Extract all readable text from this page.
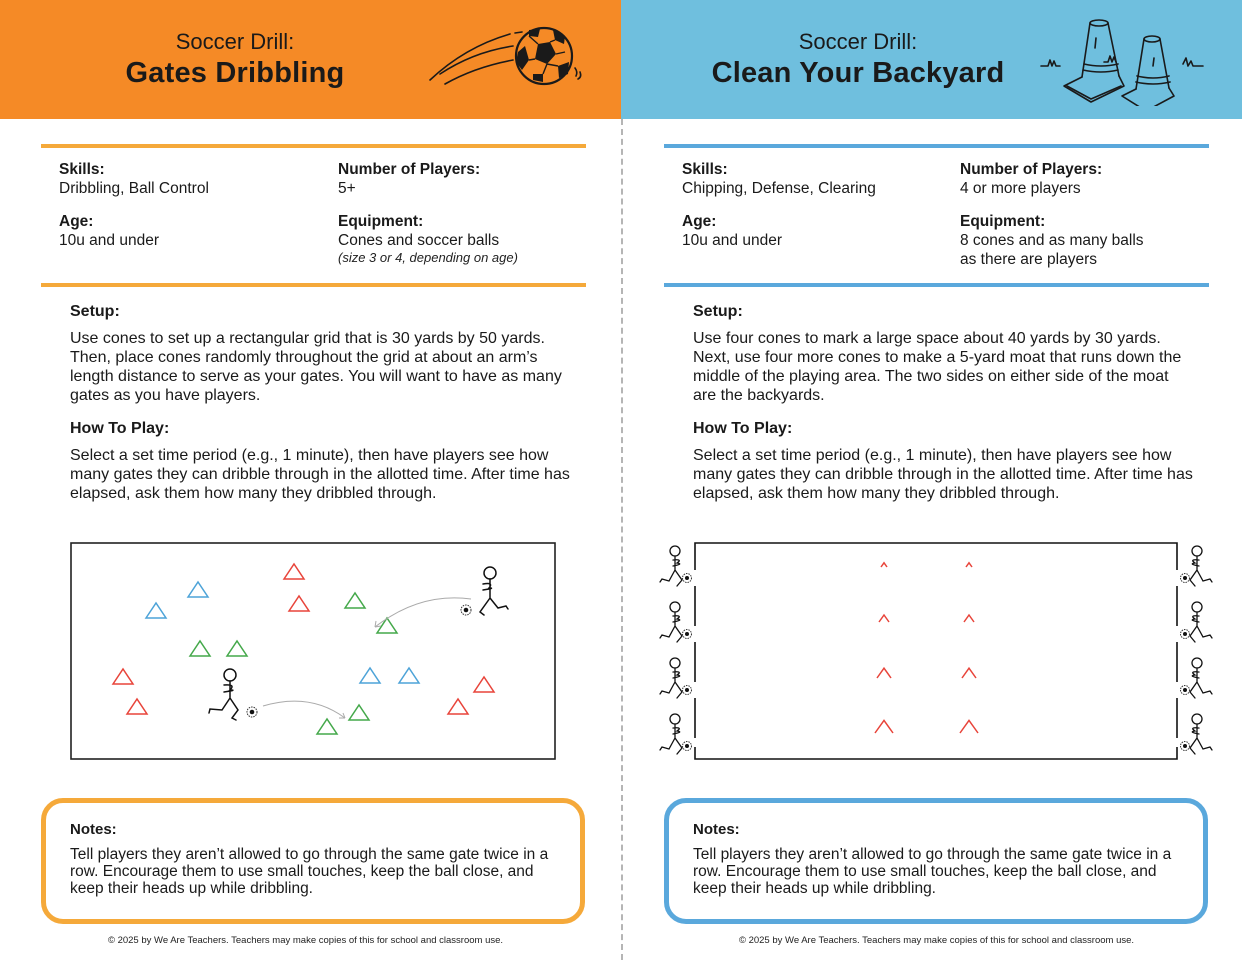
Soccer Drill:
Gates Dribbling
Skills:
Dribbling, Ball Control
Age:
10u and under
Number of Players:
5+
Equipment:
Cones and soccer balls
(size 3 or 4, depending on age)
Setup:

Use cones to set up a rectangular grid that is 30 yards by 50 yards. Then, place cones randomly throughout the grid at about an arm’s length distance to serve as your gates. You will want to have as many gates as you have players.

How To Play:

Select a set time period (e.g., 1 minute), then have players see how many gates they can dribble through in the allotted time. After time has elapsed, ask them how many they dribbled through.

Notes:
Tell players they aren’t allowed to go through the same gate twice in a row. Encourage them to use small touches, keep the ball close, and keep their heads up while dribbling.
© 2025 by We Are Teachers. Teachers may make copies of this for school and classroom use.
Soccer Drill:
Clean Your Backyard
Skills:
Chipping, Defense, Clearing
Age:
10u and under
Number of Players:
4 or more players
Equipment:
8 cones and as many balls
as there are players
Setup:

Use four cones to mark a large space about 40 yards by 30 yards. Next, use four more cones to make a 5-yard moat that runs down the middle of the playing area. The two sides on either side of the moat are the backyards.

How To Play:

Select a set time period (e.g., 1 minute), then have players see how many gates they can dribble through in the allotted time. After time has elapsed, ask them how many they dribbled through.

Notes:
Tell players they aren’t allowed to go through the same gate twice in a row. Encourage them to use small touches, keep the ball close, and keep their heads up while dribbling.
© 2025 by We Are Teachers. Teachers may make copies of this for school and classroom use.
